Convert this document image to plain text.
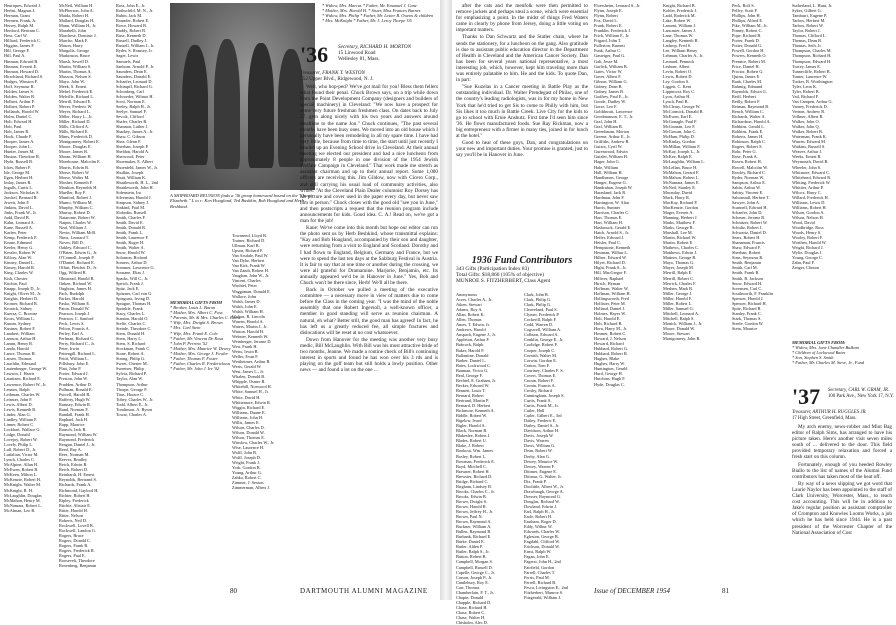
Henriques, Edward J.
Herbst, Magnus J.
Herman, Grant
Hermen, Frank, Jr.
Hersey, Ralph M.
Hertford, Bertram C.
Hess, Carl W.
Hilliard, Frederick C.
Higgins, James F.
Hill, George F.
Hill, Paul A.
Hinman, Edward B.
Hinman, Everett E.
Hinman, Howard D.
Hirschland, Richard S.
Hodges, Winston F.
Hoff, Seymour R.
Holden, James S.
Holden, Walter B.
Holbert, Arthur F.
Holbert, Robert P.
Hollands, Harold W.
Holm, Daniel C.
Holt, Edward H.
Holt, Paul
Holt, James R.
Hook, Claude F.
Hooper, James A.
Hooper, John L.
Hunter, James M.
Huston, Theodore R.
Hyde, Russell B.
Ickes, Robert F.
Ide, George M.
Ilgen, Herbert H.
Imlay, James R.
Ingalls, Curtis L.
Jackson, Nicholas S.
Jaeckel, Bernard R.
Jewett, John F.
Jinkins, David L.
Jinks, Frank W., Jr.
Judd, David B.
Kahn, Leonard A.
Kane, Russell A.
Karlen, Peter
Kemp, Frederick P.
Keane, Edmund
Keeler, Henry G.
Kessler, Robert W.
Killory, Alan W.
Kinney, Daniel L.
Kinsey, Harold R.
King, Charles W.
Kish, Chester
Kitchin, Paul
Knapp, Joseph D., Jr.
Knight, Oliver M., Jr.
Knights, Herbert D.
Kromer, Richard R.
Kronick, Sidney
Kuerza, C. Browne
Kross, William L.
Kumm, Sydney
Kustner, Robert F.
Lambert, William
Lamson, Arthur H.
Lamm, Henry R.
Landa, Harold
Lance, Thomas H.
Larsen, Thomas
Lauchlin, Edmund
Lautenberger, George W.
Lawson, J. Harris
Lauritzen, Richard E.
Lawrence, Robert W., Jr.
Lennox, Ralph
Leibman, Charles W.
Leinster, John F.
Lewis, Albert D.
Lewis, Kenneth R.
Linder, Alan G.
Lindley, William F.
Linner, Robert C.
Lockhart, Wallace G.
Lodge, Donald
Lovejoy, Robert W.
Lovely, Philip L.
Lull, Robert D., Jr.
Lutfalian, Victor M.
Lynch, Charles C.
McAlpine, Allan H.
McEwen, Robert B.
McKeen, Milton L.
McKenzie, Robert H.
McKnight, Walter M.
McKnight, R. H.
McLaughlin, Douglas
McMahon, Henry M.
McNamara, Robert L.
McAlman, Leo B.
McNeil, William H.
McPherson, John A.
Maida, Robert H.
Mallard, Douglas H.
Mann, William H., Jr.
Marabelli, John
Marchese, Dominic J.
Marcho, Mark F.
Mason, Harry
Margolis, George
Markinson, Bruce
Marsh, Sewell D.
Martin, William S.
Martin, Thomas A.
Maxson, Nelson S.
Mayo, John W.
Meek, S. Ernest
Mehel, Frederick E.
Melville, Richard L.
Merrill, Edward E.
Mever, Frederic W.
Meyer, Richard L.
Miller, Harry L., Jr.
Miller, Richard D.
Mills, Clifford A.
Mills, Richard E.
Mims, Frederick D.
Montgomery, Robert E.
Moore, Douglas E.
Moore, James B.
Moran, William H.
Morehouse, Malcolm E.
Morris, Edwin B.
Morse, Robert W.
Morse, Walter M.
Mosher, Kenneth F.
Moulton, Reynolds H.
Mueller, Roy F.
Munford, Robert J.
Munro, William M.
Murphy, William C.
Murray, Robert D.
Nataronte, Robert W.
Natpin, Charles W.
Neal, William J.
Nevin, William McB.
Nims, Leonard T.
Noves, Bill D.
Oakley, Edward C.
O'Brien, Edwin G., Jr.
O'Connell, Joseph P.
O'Daniel, Richard E.
Offutt, Fletcher D., Jr.
Ogg, Wilfred R.
Olmstead, Harold B.
Onken, Richard W.
Oughton, James H.
Pach, Rudolph
Parker, Harold
Pasko, William E.
Paton, Donald W.
Pearson, Joseph J.
Pearson, C. Sanford
Peck, Lewis S.
Pelton, Francis A.
Perley, Earl A.
Perlman, Richard C.
Perry, Richard C., Jr.
Peter, Irwin
Pettengill, Richard L.
Pettit, William L.
Pillsbury, John E.
Platt, John P.
Porter, Edward J.
Preston, John W.
Prudden, Arthur D.
Pullman, Ronald E.
Purcell, Harold B.
Rafferty, Hugh W.
Ramsey, Edwin R.
Rand, Norman F.
Randall, Frank H.
Raphael, Jack H.
Rapp, Maurice
Rausch, Jack B.
Raymond, William W.
Raymond, Frederick
Reagan, Daniel J., Jr.
Reed, Ray A.
Rees, Norman M.
Reeves, Bradley
Reich, Edwin R.
Reich, Robert D.
Reinhardt, H. Ernest
Reynolds, Bertrand S.
Richards, Frank A.
Richmond, Gaylord H.
Richter, Robert H.
Ripley, Frederick
Ritchie, Alistair E.
Ritter, Harold H.
Ritter, Nelson
Roberts, Neil D.
Rockwell, Lovell B.
Rockwell, Landon G.
Rogers, Bruce
Rogers, Donald C.
Rogers, Frank R.
Rogers, Frederick R.
Rogers, Paul E.
Roosevelt, Theodore
Rosenberg, Benjamin
Ross, John E., Jr.
Rothschild, M. N., Jr.
Rubin, Jack M.
Rounder, Robert E.
Rowe, Howard B.
Ruddy, Robert B.
Ruse, Kenneth D.
Russell, Dudley J.
Russell, William J., Jr.
Ryder, S. Romsey, Jr.
Sager, Lewis
Samuels, Paul
Sanborn, Arnold P., Jr.
Saunders, Dean E.
Saunders, Donald E.
Schaefer, Leonard D.
Schimpff, Richard G.
Schonberg, Carl
Schroeder, Wilmot H.
Scott, Norman E.
Seeley, Ralph H., Jr.
Seelye, Samuel F.
Sevcik, Clifford
Shafer, Charles B.
Shannon, Luther J.
Sharkey, James A., Jr.
Shaw, C. Gibson
Shea, Glenn F.
Sheehan, Joseph P.
Sheldon, Harold A.
Sherwood, Peter
Shoemaker, E. Albert
Shoenfeld, James W., Jr.
Shulkin, Joseph
Shutt, William K.
Shuttleworth, H. L., 2nd
Shuttleworth, John H.
Sidenstein, Ira
Silverman, Harold J.
Simpson, Sidney J.
Sinkind, Paul M.
Slobodin, Russell
Smith, Charles F.
Smith, David E.
Smith, Donald R.
Smith, Frank L.
Smith, Laurence F.
Smith, Roger H.
Smith, Walter A.
Snow, Harold W.
Solomon, Richard
Somers, Arthur D.
Sommer, Lawrence G.
Sousane, Elias J.
Sparks, Will C., Jr.
Speich, Frank J.
Spitz, Jack E.
Spitzner, Carl von G.
Spisgrass, Irving D.
Sprague, Thomas H.
Sprinkle, Frank
Stacy, Charles L.
Stanton, Harold O.
Steffe, Charles C.
Steinle, Theodore C.
Stern, Donald H.
Stern, Harry L.
Stern, S. Richard
Stockman, Frank C.
Stone, Robert A.
Strong, Philip G.
Sweet, Chester M.
Sweetser, Philip
Sylvia, Richard P.
Taylor, Alan W.
Thompson, Arthur
Thorpe, George F.
Titus, Horace C.
Tobey, Charles W., Jr.
Todd, Albert E., Jr.
Tomlinson, A. Byron
Towar, Charles A.
A SHIPBOARD REUNION finds a '36 group homeward bound on the "Queen Elizabeth." L to r: Ken Hoagland, Ted Bushkin, Bob Hoagland and Herb Beshkind.
MEMORIAL GIFTS FROM
* Brother, Louis L. Bacon
* Mother, Mrs. Albert C. Foss
* Parents, Mr. & Mrs. Charles C. Burns
* Wife, Mrs. Dwight S. Brown
* Mrs. Carl Stein
* Wife, Mrs. Frank E. Cole
* Father, Mr. Vincent De Rosa
* John P. Perrino '52
* Mother, Mrs. Maurice W. Dewey
* Mother, Mrs. George J. Fowler
* Father, Thomas F. Foster
* Father, Charles R. Frederickson
* Father, Mr. John J. Ire '02
Townsend, Lloyd R.
Trainer, Richard D.
Ullman, Karl B.
Upson, Richard F.
Van Arsdale, Paul W.
Van Dyke, Herbert
Van Kirk, Frank W.
Van Zandt, Robert H.
Vaughan, John W., Jr.
Vincent, Charles
Wachtel, Peter
Waggaman, Donald E.
Wallace, John
Walsh, James D.
Walsh, John E.
Walsh, William H.
Walton, R. Lincoln
Warren, Harold A.
Waters, Martin J., Jr.
Watson, Harold H.
Webster, Kenneth W.
Weinberger, Jerome D.
Weir, Frank H.
Weiss, Irwin B.
Weller, Evan F.
Wertheimer, Arthur B.
Werts, Gerald W.
West, James L., Jr.
Whalen, Donald B.
Whipple, Osmer B.
Whitehill, Norwood H.
White, Samuel H., Jr.
White, David H.
Whittemore, Edwin R.
Wiggin, Richard E.
Williams, Duane E.
Williams, John H.
Willis, James E.
Wilson, Charles D.
Wilson, Donald W.
Wilson, Thomas E.
Winslow, Charles W., Jr.
Wise, Laurence H.
Wolff, John B.
Wolff, Joseph D.
Wright, Frank J.
York, Gordon B.
Young, Arthur G.
Zahka, Robert C.
Zimmer, J. Sexton
Zimmerman, Albert J.
* Widow, Mrs. Marcus * Father, Mr. Emanuel J. Cane
* Mother, Mrs. Harold H. * Sister, Miss Frances Barnes
* Widow, Mrs. Philip * Father, Mr. Lester B. Owens & children
* Mrs. McKnight * Father, Mr. J. Leroy Thorpe '05
'36 Secretary, RICHARD H. MORTON
15 Linwood Road
Wellesley 81, Mass.
Treasurer, FRANK T. WESTON
752 Upper Blvd., Ridgewood, N. J.

Well, who hop-ped? We've got mail for you! Bless them fellers what found their penal. Chuck Brown says, on a trip while down from the Point Development Company (designers and builders of special machinery) in Cleveland: "We now have a prospect for some very future freshman freshmen class. On dates back to July 27, getn along nicely with his two years and answers around mealtime to the name Jon." Chuck continues, "The past several months have been busy ones. We moved into an old house which I personally have been remodeling in all my spare time. I have had very little, because from time to time, the start until just recently I headed up an Evening School drive in Cleveland. At their annual meeting we elected our president and had a nice luncheon from approximately 8 people in one division of the 1954 Jewish Welfare Campaign in Cleveland." That work made me stretch as assistant chairman and up to their annual report. Some 1,000 officers are receiving this. Jim Gildow, now with Cicero Corp., and still carrying his usual load of community activities, also writes: "At the Cleveland Plain Dealer columnist Roy Dorsey has his picture and cover used in the paper every day, but never saw him in person." Chuck closes with the good old "see you in June," and then postscripts a request that the reunion program include announcements for kids. Good idea. C. A.! Read on, we've got a man for the job!

Kane: We've come into this month but hope our editor can run the photo sent us by Herb Beshkind, whose transmittal explains: "Kay and Bob Hoagland, accompanied by their son and daughter, were returning from a visit to England and Scotland. Dorothy and I had flown to England, Belgium, Germany and France, but we were to spend the last ten days at the Salzburg Festival in Austria. It is fair to say that at one time or another during the crossing, we were all grateful for Dramamine. Marjorie, Benjamin, etc. Its annually appeared we'd be in Hanover in June." Yes, Bob and Chuck won't be there since, Herb! We'll all be there.

Back in October we pulled a meeting of the executive committee — a necessary move in view of matters due to come before the Class in the coming year. "I was the mind of the noble assembly that one Robert Ingersoll, a well-known officer, a member in good standing will serve as reunion chairman. A natural, eh what? Better still, the good man has agreed! In fact, he has left us a greatly reduced fee, all simple fractures and dislocations will be reset at no cost whatsoever.

Down from Hanover for the meeting was another very busy medic, Bill McLaughlin. With Bill was his most attractive bride of two months, Jeanne. We made a routine check of Bill's continuing interest in sports and found he has won over his 3 rds and is playing on the golf team but still holds a lowly position. Other news — and found a lot on the one ...

80	DARTMOUTH ALUMNI MAGAZINE

after the cats and the menfolk were then permitted to remove jackets and perhaps steal a scene, which were essential for emphasizing a point. In the midst of things Fred Waters came in clearly by phone from Jersey, doing a little voting on important matters.

Thanks to Dan Schwartz and the Statler chain, where he sends the stationery, for a luncheon on the gang. Also gratitude is due to assistant public education director in the Department of Health in Cleveland and the American Cancer Society. Dan has been for several years national representative, a most interesting job, which, however, kept him traveling more than was entirely palatable to him. He and the kids. To quote Dan, in part:

"Sue Kuzelas in a Cancer meeting in Battle Play as the outstanding individual. Dr. Walter Prendegast of Philac, one of the country's leading radiologists, was in for my home in New York that he'd tried to get Sis to come to Philly with him, but Sis likes it too much in Battle Creek. Live City for the kids to go to school with Ernie Anshutz. First time I'd seen him since '36. He flows manufactured foods. Sue Ray Rickman, now a big entrepreneur with a firmer in many ties, joined in for lunch at the hotel."

Good to hear of these guys, Dan, and congratulations on your new and important duties. Your promise is granted, just to say you'll be in Hanover in June.

1936 Fund Contributors
343 Gifts (Participation Index 83)
Total Gifts: $18,860 (105% of objective)
MUNROE S. FITZHERBERT, Class Agent
Anonymous
Acres, Charles A., Jr.
Aiken, Stewart
Adams, Roy A.
Allan, Robert K.
Allen, Thomas
Ames, T. Edwin, Jr.
Andrews, Harold
Anspach, Eugene J., Jr.
Appleton, Arthur F.
Babcock, Ralph
Baker, Harold F.
Ballantine, Donald
Barker, Daniel L.
Bates, Lockwood C.
Bauman, Victor G.
Beal, George F.
Bechtel, E. Graham, Jr.
Becker, Edward W.
Bennett, Louis T.
Bernard, Robert
Bertrand, Martin P.
Bernard, D. Herbert
Bickmore, Kenneth A.
Biddle, Robert W.
Bigelow, Ivard
Bigler, Harold A.
Black, Norman B.
Blakeslee, Robert J.
Blades, Robert U.
Blake, J. Robert
Bookout, Wm. James
Bosley, Robert L.
Bowman, Frederick E.
Boyd, Mitchell C.
Brawner, Robert H.
Brewster, Richard D.
Bridge, Richard C.
Brigham, Lindsey R.
Brooks, Charles C., Jr.
Brooks, Edwin B.
Brown, Dwight S.
Brown, Harold R.
Brown, Jeffrey H., Jr.
Brown, Paul N.
Brown, Raymond A.
Buckner, William A.
Bullen, Raymond B.
Burbank, Richard E.
Burke, Daniel E.
Butler, Alden P.
Butler, Ralph S., Jr.
Button, Robert B.
Campbell, Morgan S.
Campbell, Russell D.
Capelle, George C., Jr.
Carson, Joseph P., Jr.
Cantlebury, Roy E.
Carr, Thomas
Chamberlain, F. T., Jr.
Chapin, Donald
Chapple, Richard D.
Chase, Richard H.
Chase, Robert C.
Chase, Walter H.
Chisholm, Alec D.
Clark, John B.
Clark, Philip G.
Clark, Philip G.
Cleaveland, Paul S.
Clymer, Frederick P.
Cockerill, Ralph F.
Codd, Warren D.
Cogswell, William A.
Colburn, Edward A.
Conklin, George E., Jr.
Coolidge, Robert F.
Cooper, Joseph C.
Cornish, Walter M.
Corwin, Gordon E.
Cotton, Tom F.
Courtney, Charles F. S.
Covert, Thomas E.
Cronin, Robert F.
Cronin, Francis A.
Crosby, Richard
Cunningham, Joseph S.
Curtis, Frank A.
Curtis, Frank M., Jr.
Cutler, Hall
Cutler, Gilbert E., 3rd
Dailey, Frederic E.
Dailey, Daniel S., Jr.
Davidson, Arthur H.
Davis, Joseph W.
Davis, Warren
Davis, William G.
Dean, Robert W.
Derby, Alan G.
Dewey, Maurice W.
Dewey, Warren F.
Dittmer, Eugene E.
Dittmar, G. Walter, Jr.
Dix, Frank P.
Doolittle, Albert W., Jr.
Drawbaugh, George A.
Dresser, Raymond G.
Douglas, Richard W.
Dowland, Edwin J.
Earl, Ralph H., Jr.
Earle, Robert H.
Eastham, Roger D.
Eddy, Wilbur W.
Edwards, Charles W.
Egleston, George B.
Engdahl, Clifford W.
Erickson, Donald W.
Ernst, Ralph W.
Fagan, John E.
Fagerst, John H., 2nd
Fairfield, Gordon
Farrell, Charles T.
Ferris, Paul M.
Ferrell, Richard B.
Fesca, Livingston E., 2nd
Fitzherbert, Munroe S.
Fitzgerald, William J.
Floersheim, Leonard S., Jr.
Flynn, Joseph E.
Flynn, Robert
Fox, David L.
Frank, Robert E.
Franklin, Frederick J.
Frick, William F., Jr.
Frigard, John T.
Fullerton, Burnett
Funk, Arthur C.
Gasteiger, Paul G.
Galt, Jesse M.
Garlick, William B.
Gates, Victor W.
Gaver, Albert F.
Gibson, William G.
Gidney, Dean B.
Gidney, James B.
Godfrey, Paul E., Jr.
Goode, Dudley W.
Gorse, Leo F.
Goldthwait, Lawrence
Goodmanson, E. T., Jr.
Graf, John H.
Graf, William B.
Greenbaum, Morton
Greene, Arthur E., Jr.
Griffiths, Andrew B.
Guizot, Cyril W.
Gurenwood, Edwin
Gutzler, William H.
Hager, John G.
Hale, William
Hall, William H.
Handlsmen, George
Hanger, Eugene G.
Handrahan, Joseph W.
Harasland, Jack R.
Hardman, John F.
Harrington, W. Alan
Harris, Sumner
Harrison, Charles C.
Hart, Thomas E.
Hart, William H.
Hasbrouck, Gerald E.
Hatch, Arnold S., Jr.
Heffer, Edward J.
Heisler, Paul C.
Hempstone, Kenneth
Hestman, Wilbur L.
Hilbee, Edward W.
Hilyer, Richard D.
Hight, Frank S., Jr.
Hill, MacGregor F.
Hilliver, Raphael
Hirsch, Hyman
Hoffman, Walter W.
Hoffman, William H.
Hollingsworth, Fred
Hollister, Peter M.
Holland, Daniel J.
Holmes, Hayes W.
Holt, Harold E.
Holt, Richard B.
Horn, Harry M., Jr.
Hosmer, Robert C.
Howard, J. Nelson
Howard, Richard
Hubbard, Robert G.
Hubbard, Robert R.
Hughes, Blake
Hughes, Harry W.
Huntington, Gerald
Hurd, George H.
Hutchins, Hugh F.
Hyde, Douglas C.
Knight, Richard B.
Kohler, Frederick J.
Ladd, Roderick M.
Lake, Robert W.
Lamont, William J.
Lancaster, James J.
Lane, Thomas W.
Langley, Kenneth B.
Lathrop, Fred S.
Lee, William Henry
Lehman, Charles A., Jr.
Leonard, Pennock
Leshner, Albert
Levin, Robert O.
Lewis, Robert D.
Ley, Gordon S.
Liggett, C. Kent
Lippincott, Roy C.
Lyon, Arthur H.
Lynch, Paul B.
McCleary, George W.
McCormick, Donald R.
McEwen, Earl E.
McGonagle, Paul F.
McGoonan, Leo F.
McGowan, John C.
McHam, Philip D.
McKinlay, Gordon
McMillan, William F.
McKay, Joseph L., Jr.
McKee, Ralph E.
McLaughlin, William L.
McLellan, Bruce H.
McMahon, Gerard F.
McMahon, Robert L.
McNamara, James E.
McNeil, Stanley E.
Macaulay, David
Mack, Harry R.
MacKay, Richard P.
MacKenzie, Gordon
Mager, Everett A.
Manning, Herbert J.
Marks, Matthew F.
Marks, George R.
Marshall, Lee M.
Martin, Richard W.
Martin, Robert E.
Mathews, Charles C.
Matthews, Edwin J.
Mattern, George R.
Mayo, Thomas G.
Mayer, Joseph M.
Merrill, Ralph E.
Merrill, Robert C.
Merrick, Charles F.
Meshen, Mark B.
Miller, George J.
Miller, Harold F.
Miller, Robert L.
Miller, Samuel G.
Mitchell, Leonard A.
Mitchell, Ralph S.
Monick, William J., Jr.
Moore, Donald W.
Moore, Stewart
Montgomery, John B.
Peck, Rolf S.
Pelley, Scott F.
Phillips, John H.
Phillips, Alfred E.
Pike, William M., Jr.
Pinney, Robert C.
Pope, Richard B.
Porter, Frank D.
Potter, Donald G.
Powell, Gordon H.
Powers, Kenneth O.
Prentice, Robert M.
Price, Daniel H.
Proctor, Robert G.
Quinn, James E.
Raab, Charles M.
Rahmig, Edmund
Raynolds, Edwin G.
Reiff, Herbert
Reilly, Robert F.
Reiman, Raymond B.
Rench, William C.
Richards, Walter A.
Richardson, Harold A.
Robbins, Gerald L.
Robbins, Frank E.
Roberts, James H.
Robinson, Ralph C.
Rogers, Robert S.
Rohr, Peter G.
Rose, Frank A.
Rosen, Robert H.
Rowell, Malcolm W.
Rowley, Richard C.
Ryder, Norman W.
Sampson, Arthur E.
Sabin, Arthur W.
Sabisy, Vincent E.
Saltonstall, Herbert T.
Sawyer, John A.
Scannell, Edward H.
Schaefer, John D.
Scheuer, Jerome R.
Schnitzer, Robert W.
Schultz, Robert J.
Schwartz, Daniel D.
Sears, Robert H.
Shanaman, Francis
Shaw, Edward F.
Sheehan, Robert
Sims, Seymour R.
Smith, Benjamin
Smith, Carl M.
Smith, Frank R.
Smith, R. Jackson
Snow, Edward H.
Sorensen, Carl C.
Southworth, F. Franklin
Spencer, Harold J.
Spencer, Richard H.
Spitz, Richard R.
Stanley, Frank C.
Stark, Thomas S.
Steele, Gordon W.
Stein, Maurice
Sutherland, L. Hunt, Jr.
Sykes, Gilbert G.
Tamburri, Eugene P.
Tarbox, Herbert M.
Tarbox, Robert W.
Taylor, Robert J.
Thomas, Clifford L.
Thomas, Dean B.
Thomas, Seth, Jr.
Thompson, Charles M.
Thompson, Richard H.
Thompson, Edward H.
Tracey, James E.
Tunnecliffe, Robert B.
Turner, Laurence W.
Tucker, B. Worthington
Tyler, Leon K.
Tyler, Robert B.
Vail, Richard F.
Van Campen, Arthur G.
Varney, Frederick D.
Vernon, Andrew R.
Vollmer, Albert R.
Walker, John O.
Walker, John Q.
Walker, Robert B.
Waterman, Frank K.
Warren, Edward M.
Watkins, Russell S.
Weaver, Arthur J.
Weeks, Ernest R.
Weymouth, David R.
Wheeler, John S.
Whitmore, Edward C.
Whitehead, Edward R.
Whiting, Frederick W.
Whittier, Arthur P.
Wilcox, Harry C.
Willard, Frederick H.
Williams, Lewis D.
Williams, Robert H.
Wilson, Gordon A.
Wilson, Nelson H.
Wood, David
Woodbridge, Ross
Woods, Henry S.
Wooley, Robert F.
Worthen, Harold W.
Wright, Richard J.
Wylie, Douglas J.
Young, George C.
Zahn, Paul F.
Zenger, Clinton
MEMORIAL GIFTS FROM:
* Widow, Mrs. Jane Chandler Bulkam
* Children of Lockwood Bates
* Son, Stephen S. Smith
* Father, Mr. Charles M. Steve, Jr., Fund
'37 Secretary, CARL W. GRAM, JR.
100 Park Ave., New York 17, N.Y.
Treasurer, ARTHUR H. RUGGLES JR.
17 High Street, Greenfield, Mass.

My arch enemy, news-robber and Mint Bag editor of Ralph Sims, has arranged to have his picture taken. Here's another visit seven miles south of ... delivered to the door. This field provided temporary relaxation and forced a fresh start on this column.

Fortunately, enough of you heeded Rowley Biallo to the list of names of the Alumni Fund contributors has taken most of the heat off.

By way of a news slipping we got word that Laurie Naylor has been appointed to the staff of Clark University, Worcester, Mass., to teach cost accounting. This will be in addition to Jake's regular position as assistant comptroller of Crompton and Knowles Looms Works, a job which he has held since 1944. He is a past president of the Worcester Chapter of the National Association of Cost

Issue of DECEMBER 1954	81
